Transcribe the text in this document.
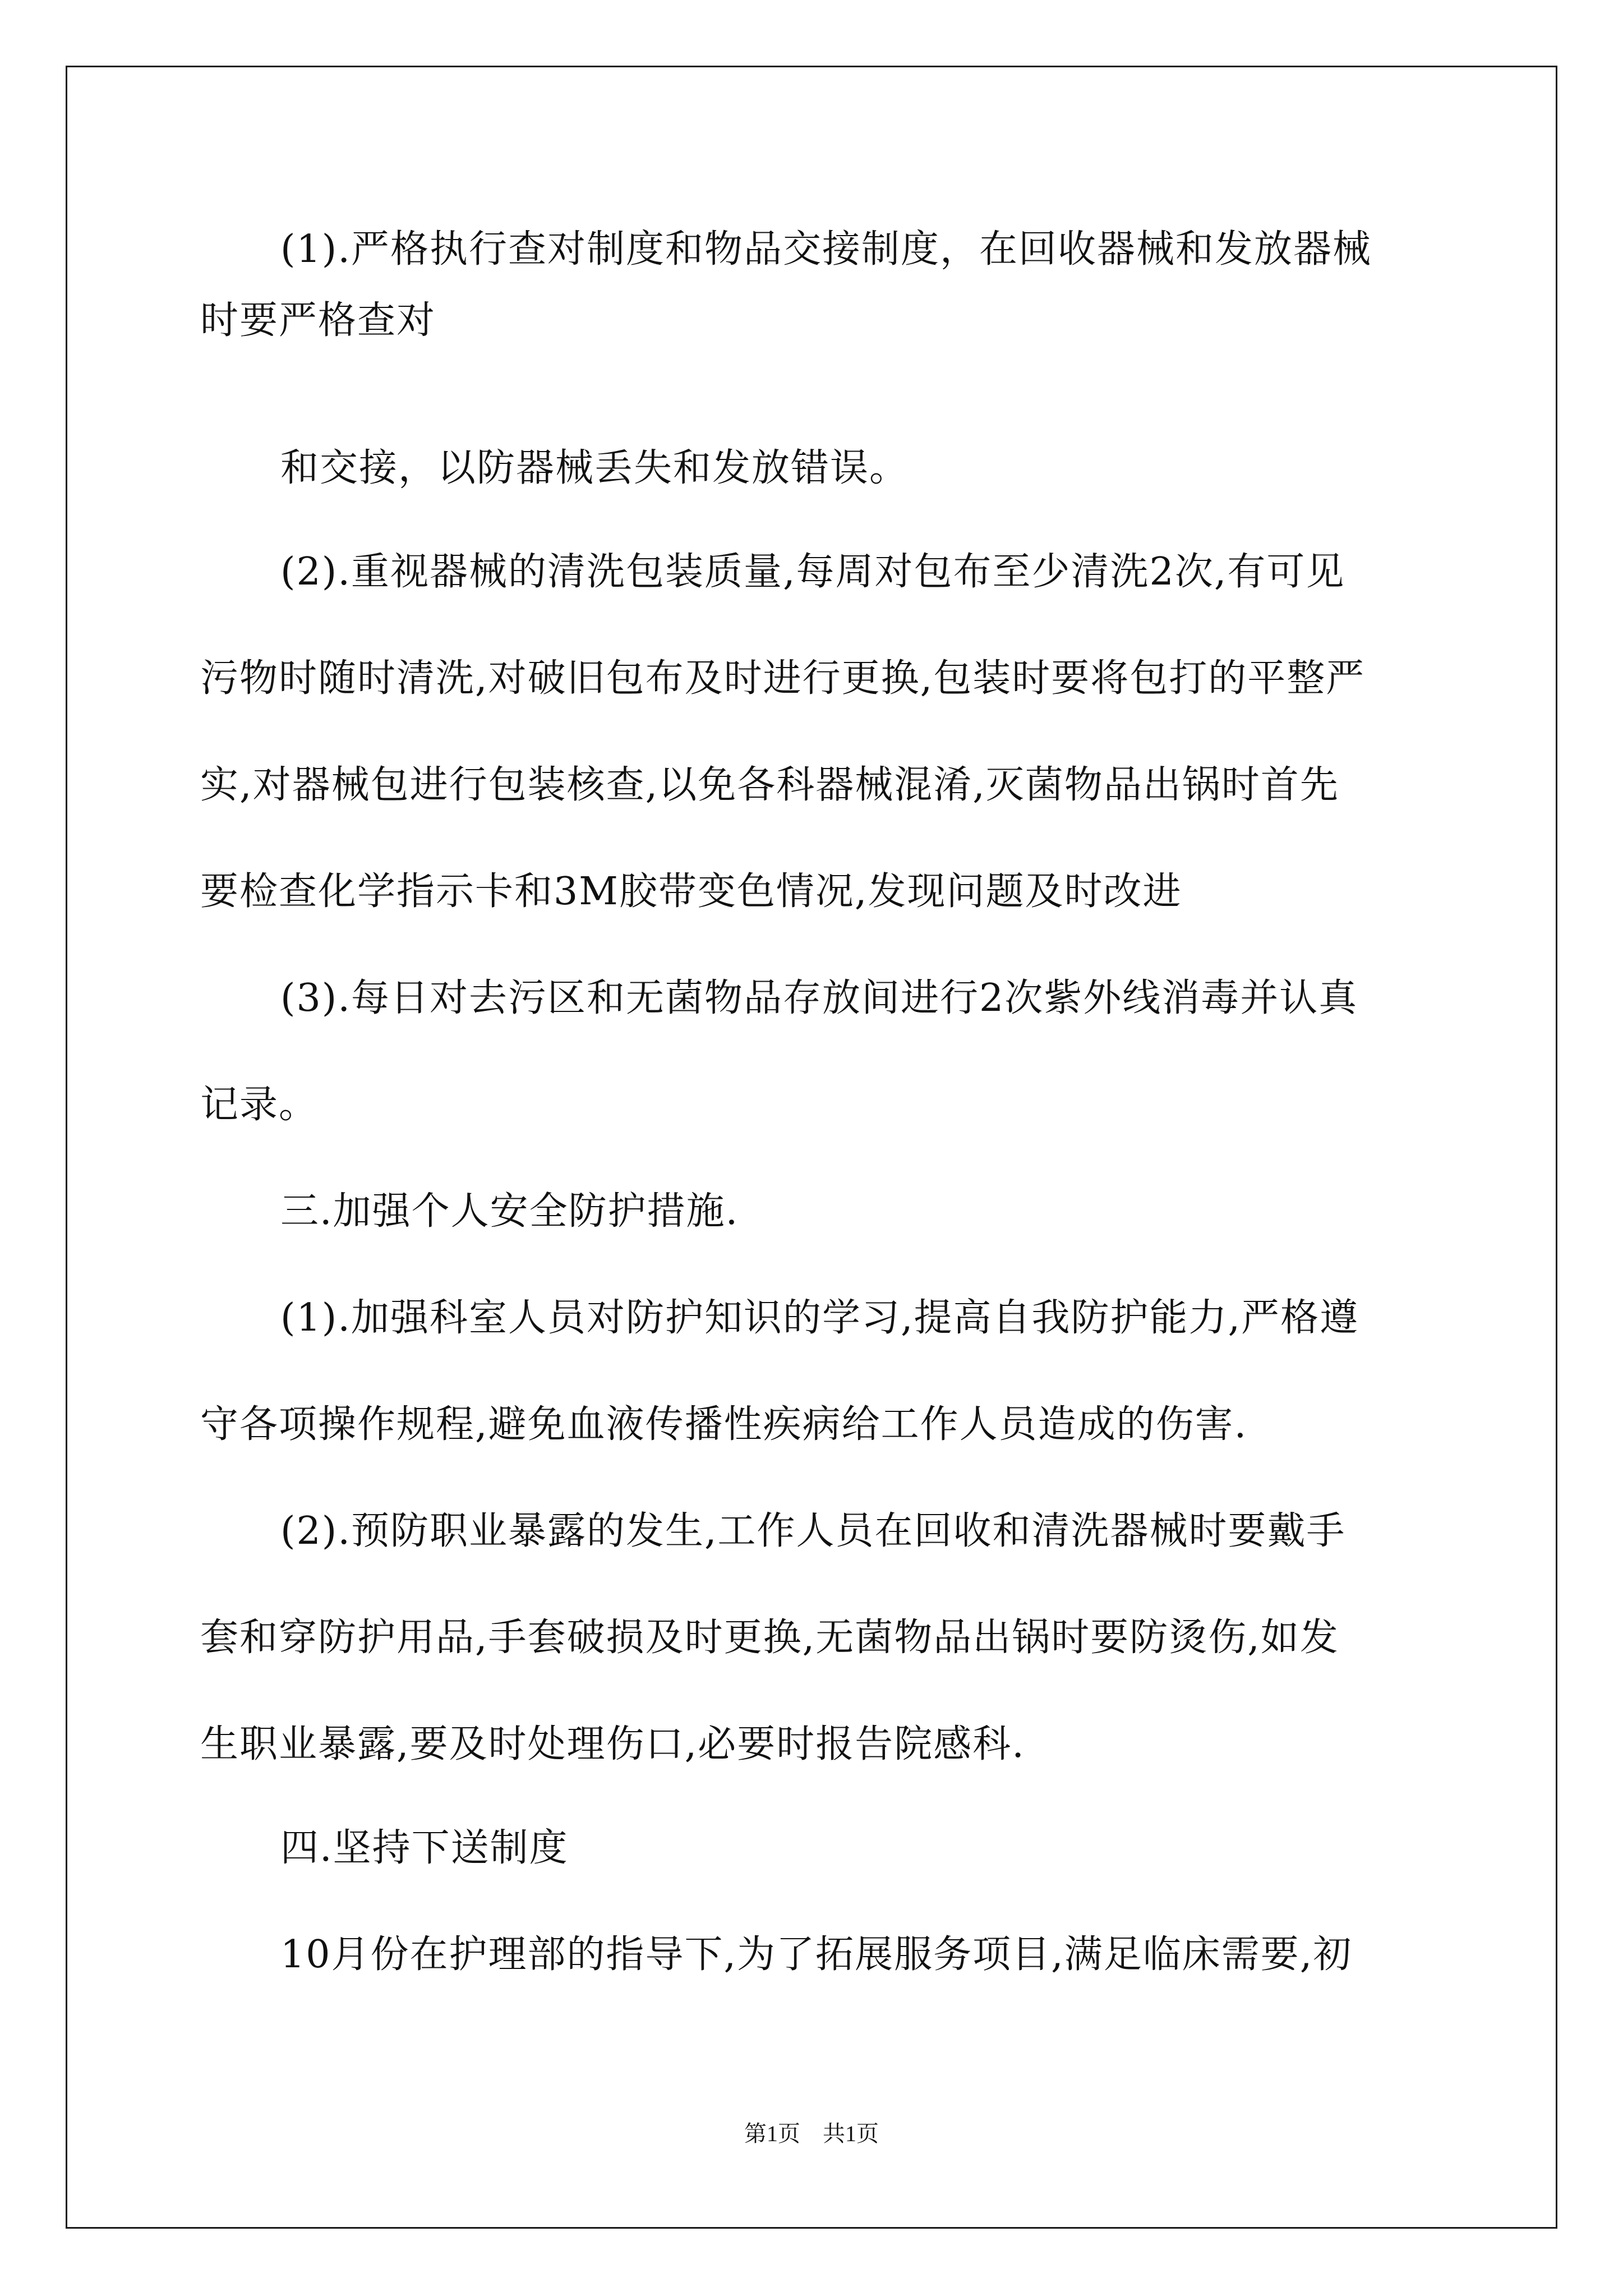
(1).严格执行查对制度和物品交接制度，在回收器械和发放器械
时要严格查对
和交接，以防器械丢失和发放错误。
(2).重视器械的清洗包装质量,每周对包布至少清洗2次,有可见
污物时随时清洗,对破旧包布及时进行更换,包装时要将包打的平整严
实,对器械包进行包装核查,以免各科器械混淆,灭菌物品出锅时首先
要检查化学指示卡和3M胶带变色情况,发现问题及时改进
(3).每日对去污区和无菌物品存放间进行2次紫外线消毒并认真
记录。
三.加强个人安全防护措施.
(1).加强科室人员对防护知识的学习,提高自我防护能力,严格遵
守各项操作规程,避免血液传播性疾病给工作人员造成的伤害.
(2).预防职业暴露的发生,工作人员在回收和清洗器械时要戴手
套和穿防护用品,手套破损及时更换,无菌物品出锅时要防烫伤,如发
生职业暴露,要及时处理伤口,必要时报告院感科.
四.坚持下送制度
10月份在护理部的指导下,为了拓展服务项目,满足临床需要,初
第1页　共1页
